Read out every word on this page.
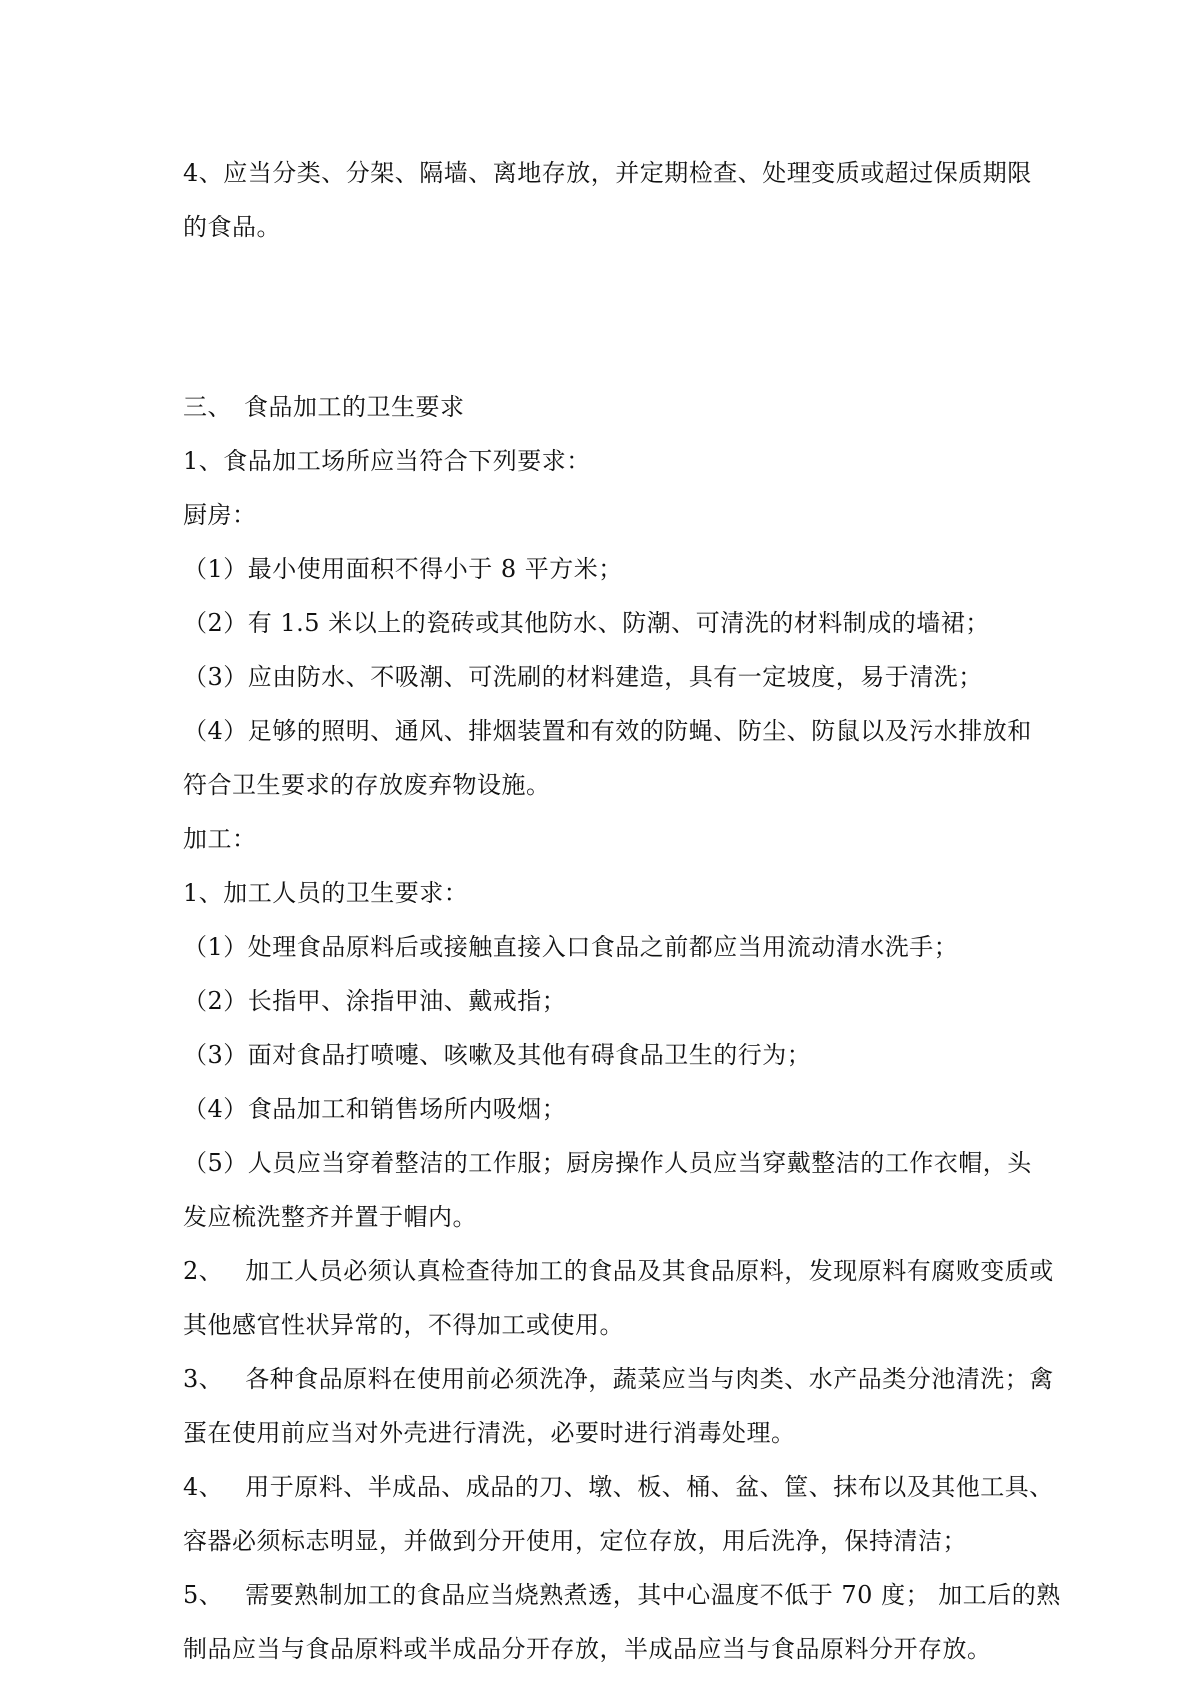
4、应当分类、分架、隔墙、离地存放，并定期检查、处理变质或超过保质期限
的食品。
三、 食品加工的卫生要求
1、食品加工场所应当符合下列要求：
厨房：
（1）最小使用面积不得小于 8 平方米；
（2）有 1.5 米以上的瓷砖或其他防水、防潮、可清洗的材料制成的墙裙；
（3）应由防水、不吸潮、可洗刷的材料建造，具有一定坡度，易于清洗；
（4）足够的照明、通风、排烟装置和有效的防蝇、防尘、防鼠以及污水排放和
符合卫生要求的存放废弃物设施。
加工：
1、加工人员的卫生要求：
（1）处理食品原料后或接触直接入口食品之前都应当用流动清水洗手；
（2）长指甲、涂指甲油、戴戒指；
（3）面对食品打喷嚏、咳嗽及其他有碍食品卫生的行为；
（4）食品加工和销售场所内吸烟；
（5）人员应当穿着整洁的工作服；厨房操作人员应当穿戴整洁的工作衣帽，头
发应梳洗整齐并置于帽内。
2、 加工人员必须认真检查待加工的食品及其食品原料，发现原料有腐败变质或
其他感官性状异常的，不得加工或使用。
3、 各种食品原料在使用前必须洗净，蔬菜应当与肉类、水产品类分池清洗；禽
蛋在使用前应当对外壳进行清洗，必要时进行消毒处理。
4、 用于原料、半成品、成品的刀、墩、板、桶、盆、筐、抹布以及其他工具、
容器必须标志明显，并做到分开使用，定位存放，用后洗净，保持清洁；
5、 需要熟制加工的食品应当烧熟煮透，其中心温度不低于 70 度； 加工后的熟
制品应当与食品原料或半成品分开存放，半成品应当与食品原料分开存放。
